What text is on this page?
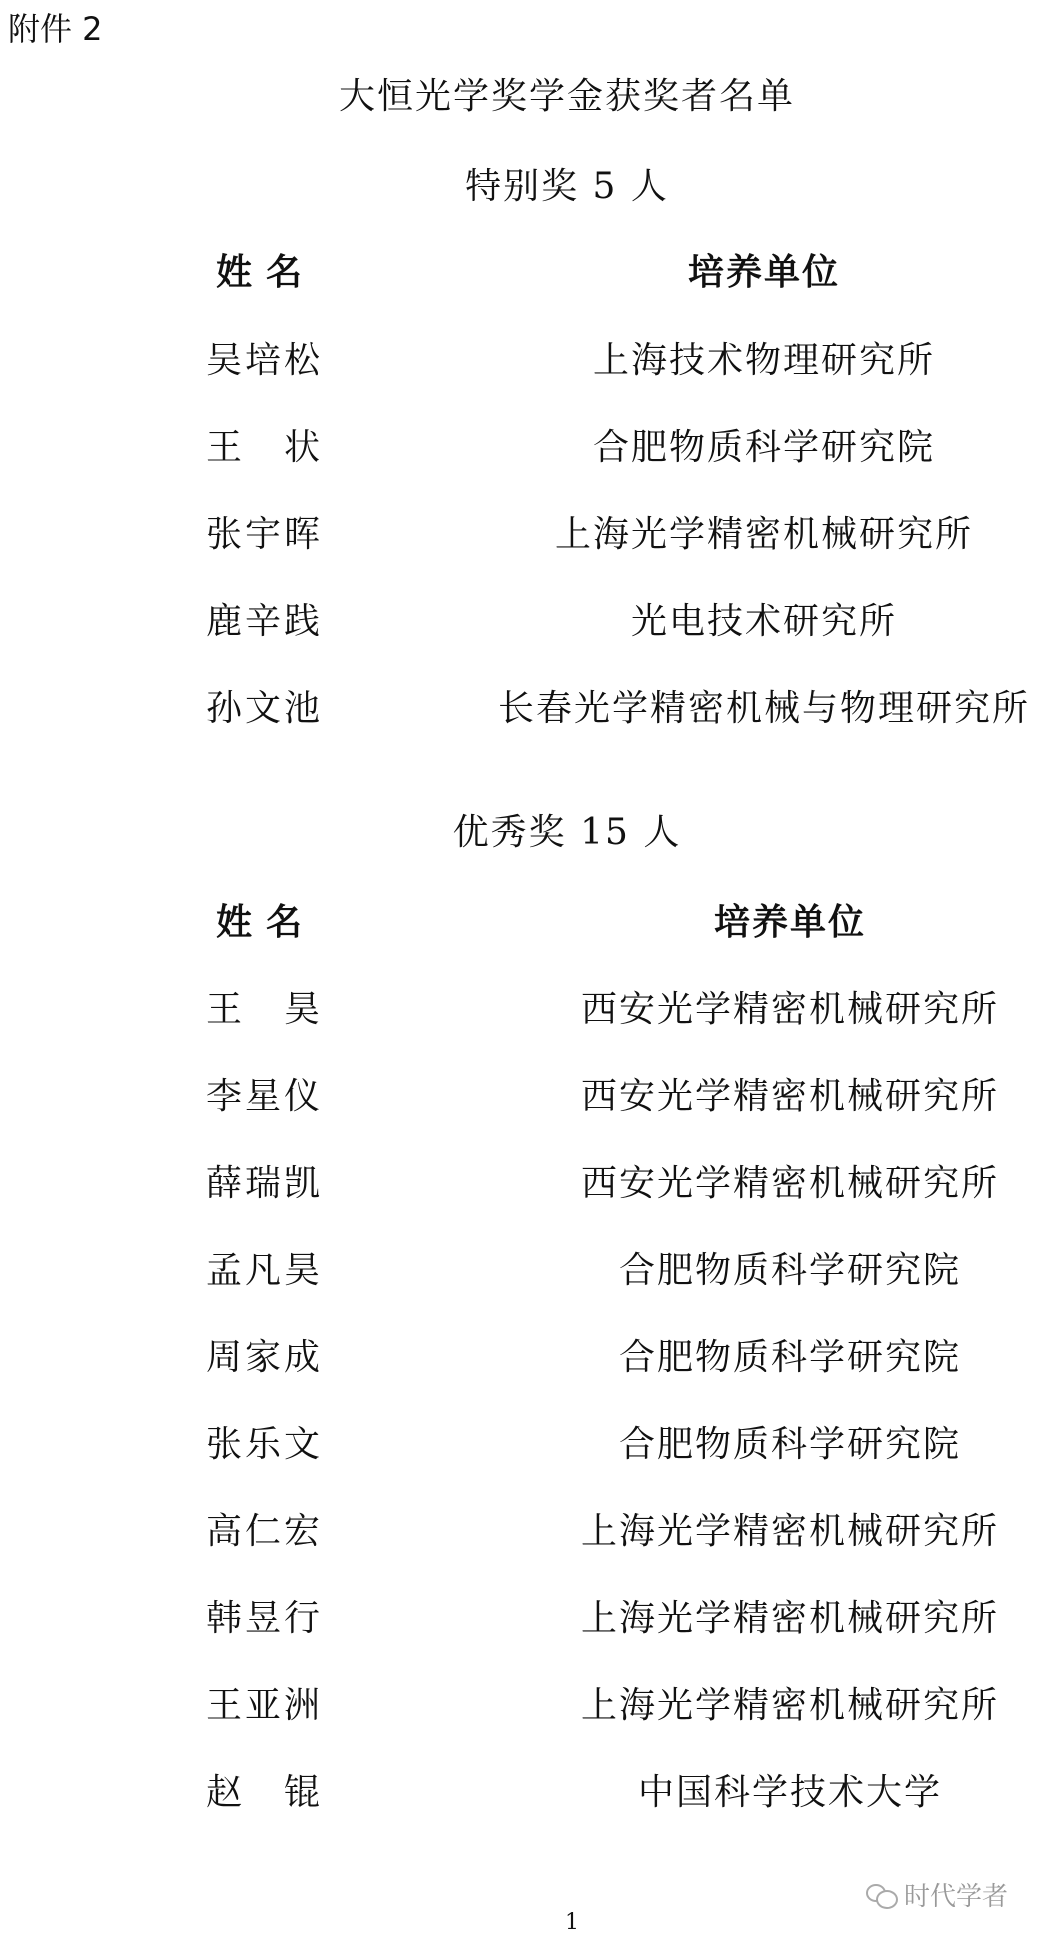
附件 2
大恒光学奖学金获奖者名单
特别奖 5 人
姓名	培养单位
吴培松	上海技术物理研究所
王　状	合肥物质科学研究院
张宇晖	上海光学精密机械研究所
鹿辛践	光电技术研究所
孙文池	长春光学精密机械与物理研究所
优秀奖 15 人
姓名	培养单位
王　昊	西安光学精密机械研究所
李星仪	西安光学精密机械研究所
薛瑞凯	西安光学精密机械研究所
孟凡昊	合肥物质科学研究院
周家成	合肥物质科学研究院
张乐文	合肥物质科学研究院
高仁宏	上海光学精密机械研究所
韩昱行	上海光学精密机械研究所
王亚洲	上海光学精密机械研究所
赵　锟	中国科学技术大学
时代学者
1
